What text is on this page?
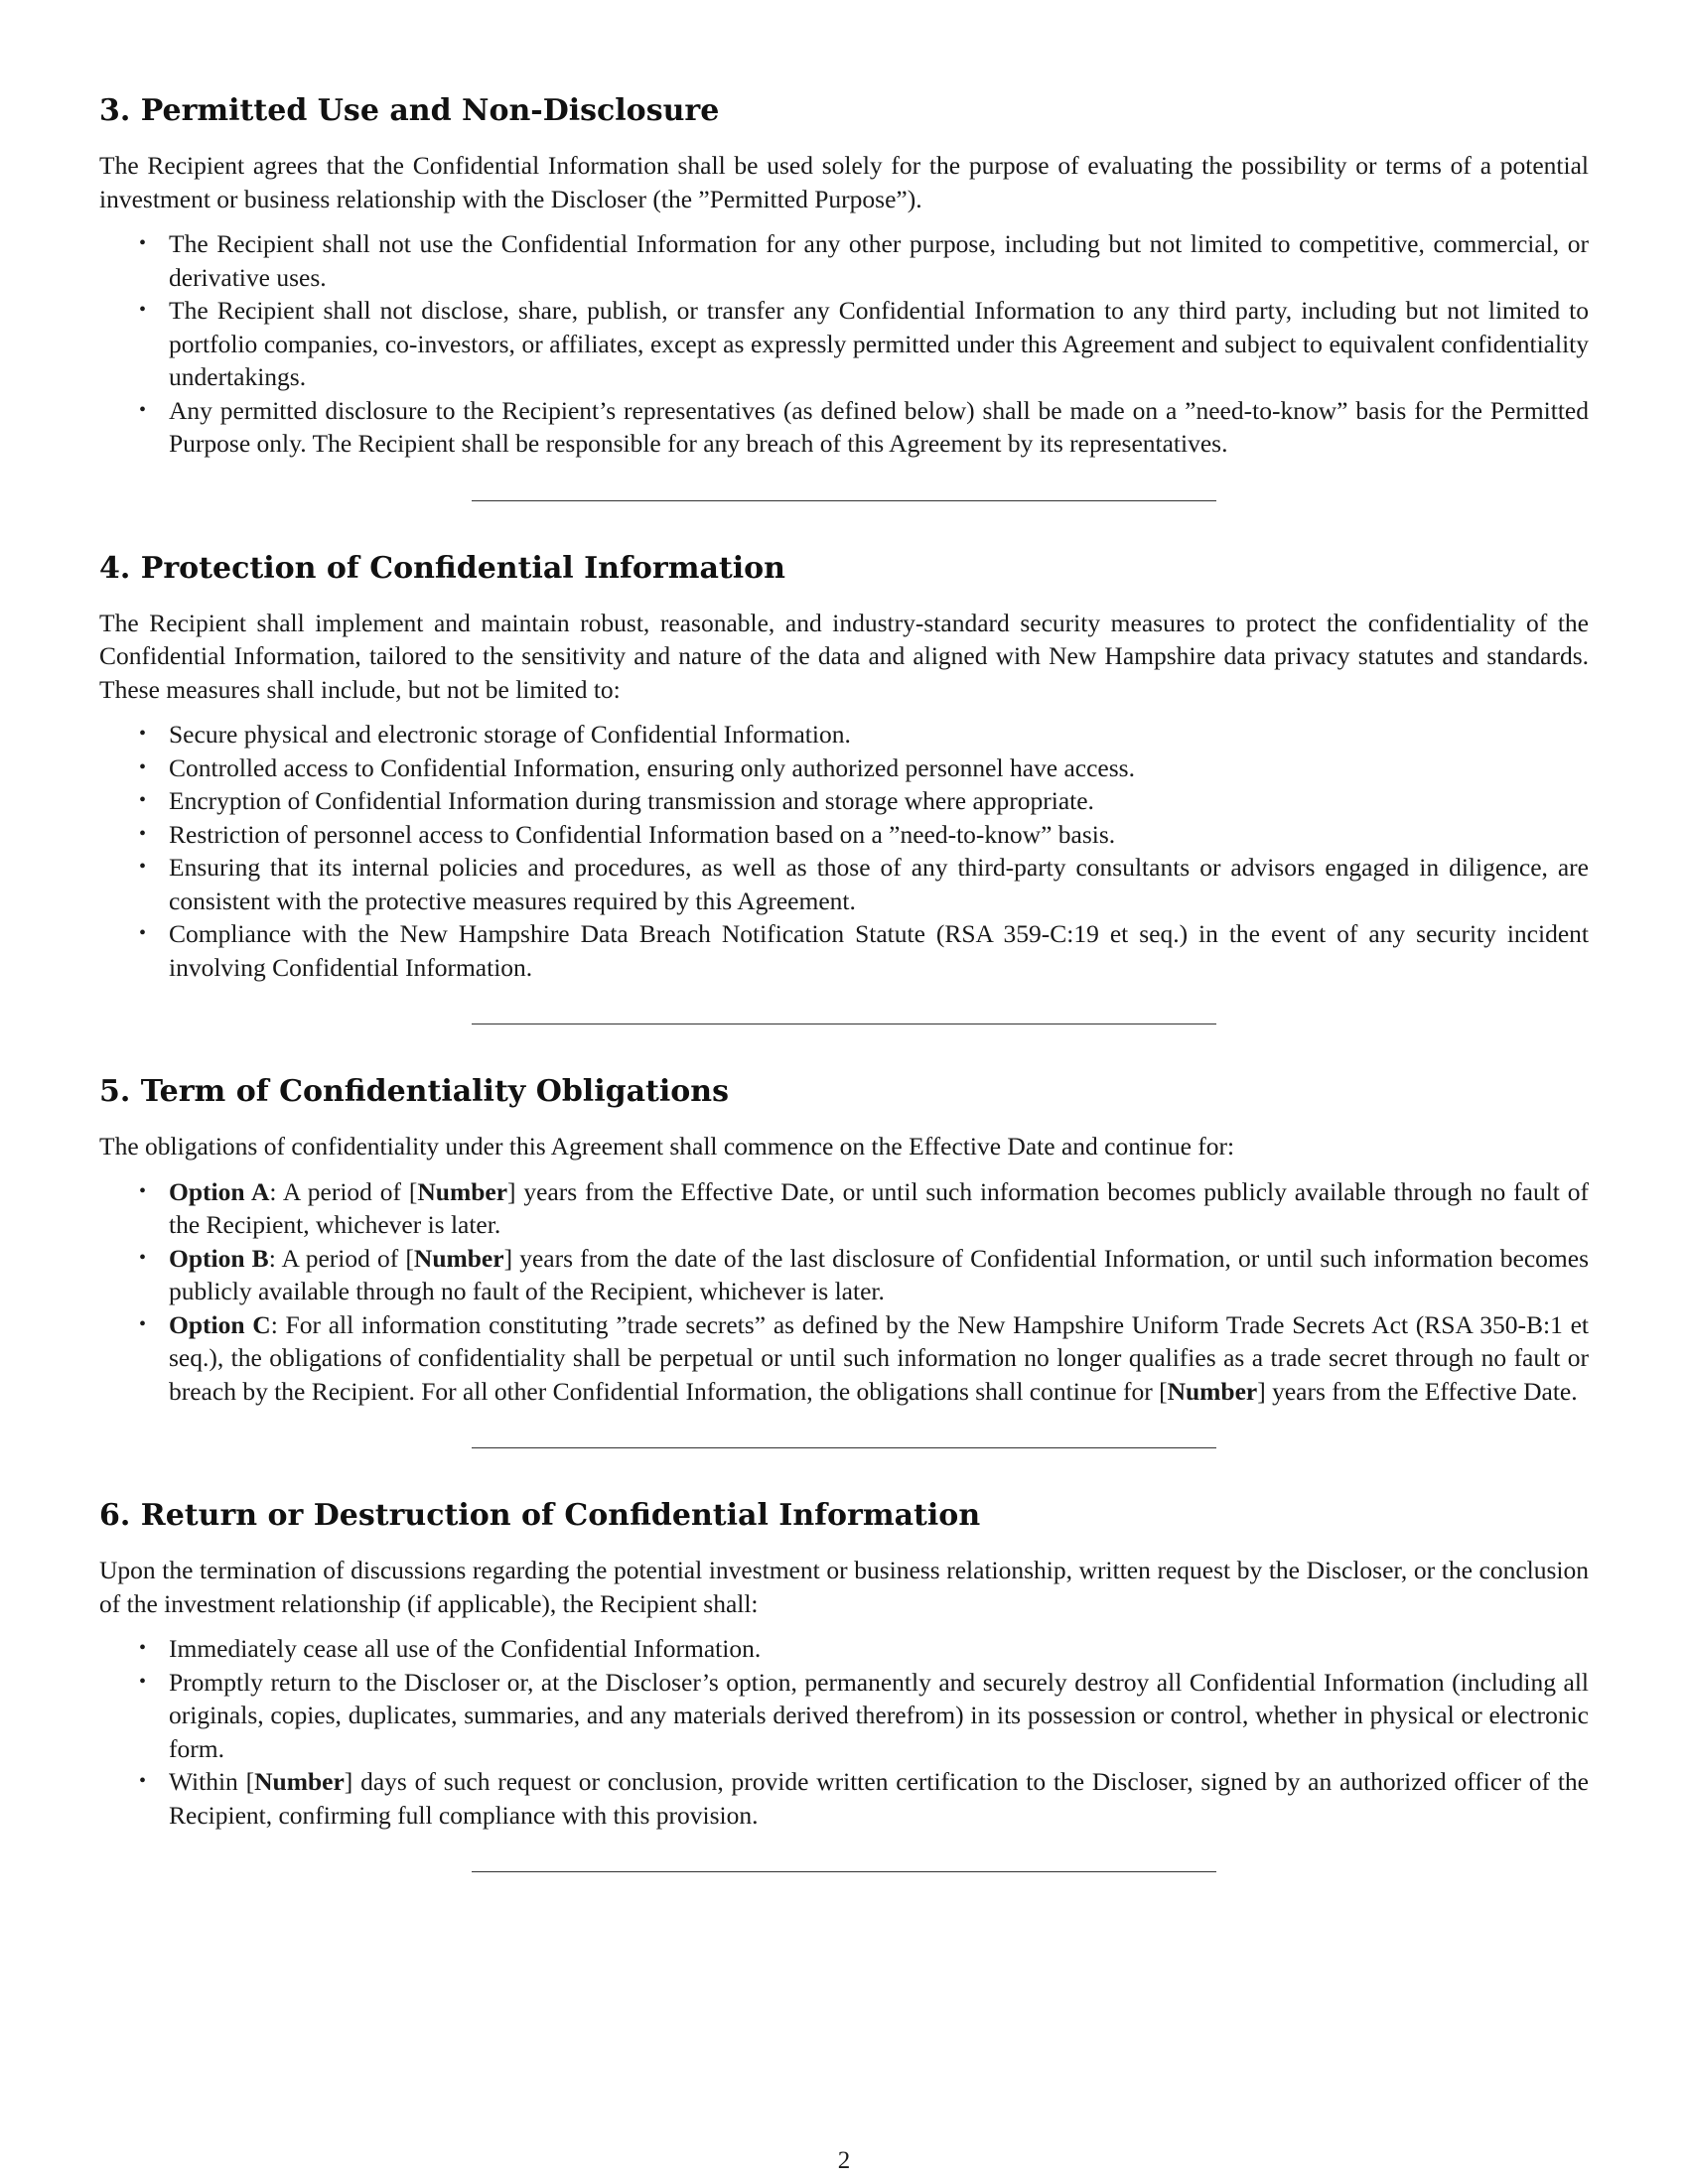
3. Permitted Use and Non-Disclosure

The Recipient agrees that the Confidential Information shall be used solely for the purpose of evaluating the possibility or terms of a potential investment or business relationship with the Discloser (the ”Permitted Purpose”).

• The Recipient shall not use the Confidential Information for any other purpose, including but not limited to competitive, commercial, or derivative uses.
• The Recipient shall not disclose, share, publish, or transfer any Confidential Information to any third party, including but not limited to portfolio companies, co-investors, or affiliates, except as expressly permitted under this Agreement and subject to equivalent confidentiality undertakings.
• Any permitted disclosure to the Recipient’s representatives (as defined below) shall be made on a ”need-to-know” basis for the Permitted Purpose only. The Recipient shall be responsible for any breach of this Agreement by its representatives.
4. Protection of Confidential Information

The Recipient shall implement and maintain robust, reasonable, and industry-standard security measures to protect the confidentiality of the Confidential Information, tailored to the sensitivity and nature of the data and aligned with New Hampshire data privacy statutes and standards. These measures shall include, but not be limited to:

• Secure physical and electronic storage of Confidential Information.
• Controlled access to Confidential Information, ensuring only authorized personnel have access.
• Encryption of Confidential Information during transmission and storage where appropriate.
• Restriction of personnel access to Confidential Information based on a ”need-to-know” basis.
• Ensuring that its internal policies and procedures, as well as those of any third-party consultants or advisors engaged in diligence, are consistent with the protective measures required by this Agreement.
• Compliance with the New Hampshire Data Breach Notification Statute (RSA 359-C:19 et seq.) in the event of any security incident involving Confidential Information.
5. Term of Confidentiality Obligations

The obligations of confidentiality under this Agreement shall commence on the Effective Date and continue for:

• Option A: A period of [Number] years from the Effective Date, or until such information becomes publicly available through no fault of the Recipient, whichever is later.
• Option B: A period of [Number] years from the date of the last disclosure of Confidential Information, or until such information becomes publicly available through no fault of the Recipient, whichever is later.
• Option C: For all information constituting ”trade secrets” as defined by the New Hampshire Uniform Trade Secrets Act (RSA 350-B:1 et seq.), the obligations of confidentiality shall be perpetual or until such information no longer qualifies as a trade secret through no fault or breach by the Recipient. For all other Confidential Information, the obligations shall continue for [Number] years from the Effective Date.
6. Return or Destruction of Confidential Information

Upon the termination of discussions regarding the potential investment or business relationship, written request by the Discloser, or the conclusion of the investment relationship (if applicable), the Recipient shall:

• Immediately cease all use of the Confidential Information.
• Promptly return to the Discloser or, at the Discloser’s option, permanently and securely destroy all Confidential Information (including all originals, copies, duplicates, summaries, and any materials derived therefrom) in its possession or control, whether in physical or electronic form.
• Within [Number] days of such request or conclusion, provide written certification to the Discloser, signed by an authorized officer of the Recipient, confirming full compliance with this provision.
2
